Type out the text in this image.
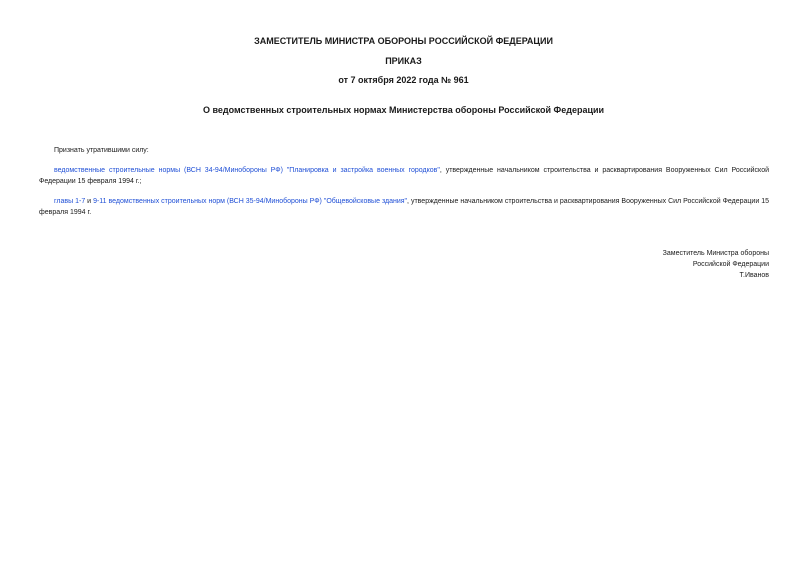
ЗАМЕСТИТЕЛЬ МИНИСТРА ОБОРОНЫ РОССИЙСКОЙ ФЕДЕРАЦИИ
ПРИКАЗ
от 7 октября 2022 года № 961
О ведомственных строительных нормах Министерства обороны Российской Федерации
Признать утратившими силу:
ведомственные строительные нормы (ВСН 34-94/Минобороны РФ) "Планировка и застройка военных городков", утвержденные начальником строительства и расквартирования Вооруженных Сил Российской Федерации 15 февраля 1994 г.;
главы 1-7 и 9-11 ведомственных строительных норм (ВСН 35-94/Минобороны РФ) "Общевойсковые здания", утвержденные начальником строительства и расквартирования Вооруженных Сил Российской Федерации 15 февраля 1994 г.
Заместитель Министра обороны
Российской Федерации
Т.Иванов
